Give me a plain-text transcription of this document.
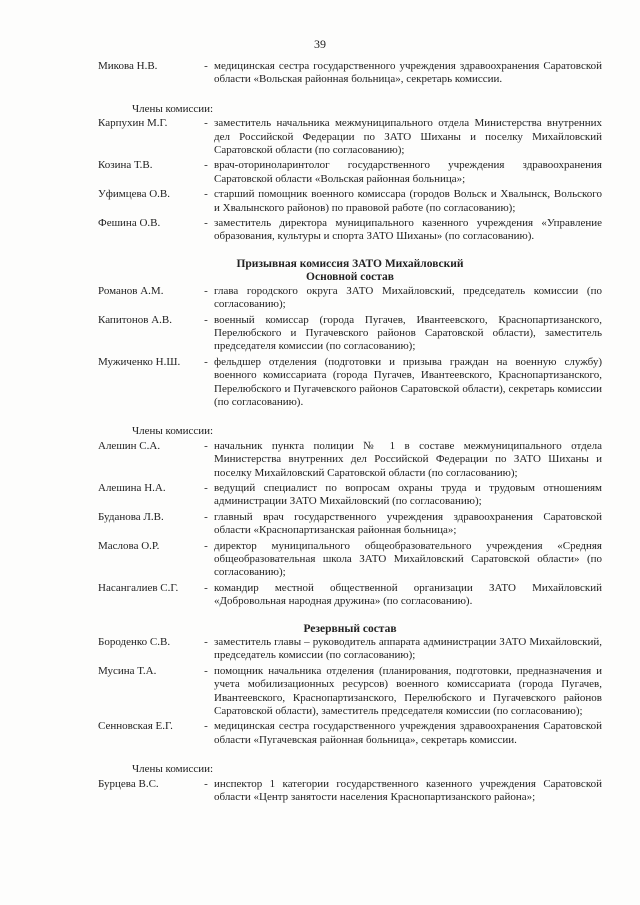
39
Микова Н.В.	- медицинская сестра государственного учреждения здравоохранения Саратовской области «Вольская районная больница», секретарь комиссии.
Члены комиссии:
Карпухин М.Г.	- заместитель начальника межмуниципального отдела Министерства внутренних дел Российской Федерации по ЗАТО Шиханы и поселку Михайловский Саратовской области (по согласованию);
Козина Т.В.	- врач-оториноларинтолог государственного учреждения здравоохранения Саратовской области «Вольская районная больница»;
Уфимцева О.В.	- старший помощник военного комиссара (городов Вольск и Хвалынск, Вольского и Хвалынского районов) по правовой работе (по согласованию);
Фешина О.В.	- заместитель директора муниципального казенного учреждения «Управление образования, культуры и спорта ЗАТО Шиханы» (по согласованию).
Призывная комиссия ЗАТО Михайловский
Основной состав
Романов А.М.	- глава городского округа ЗАТО Михайловский, председатель комиссии (по согласованию);
Капитонов А.В.	- военный комиссар (города Пугачев, Ивантеевского, Краснопартизанского, Перелюбского и Пугачевского районов Саратовской области), заместитель председателя комиссии (по согласованию);
Мужиченко Н.Ш.	- фельдшер отделения (подготовки и призыва граждан на военную службу) военного комиссариата (города Пугачев, Ивантеевского, Краснопартизанского, Перелюбского и Пугачевского районов Саратовской области), секретарь комиссии (по согласованию).
Члены комиссии:
Алешин С.А.	- начальник пункта полиции № 1 в составе межмуниципального отдела Министерства внутренних дел Российской Федерации по ЗАТО Шиханы и поселку Михайловский Саратовской области (по согласованию);
Алешина Н.А.	- ведущий специалист по вопросам охраны труда и трудовым отношениям администрации ЗАТО Михайловский (по согласованию);
Буданова Л.В.	- главный врач государственного учреждения здравоохранения Саратовской области «Краснопартизанская районная больница»;
Маслова О.Р.	- директор муниципального общеобразовательного учреждения «Средняя общеобразовательная школа ЗАТО Михайловский Саратовской области» (по согласованию);
Насангалиев С.Г.	- командир местной общественной организации ЗАТО Михайловский «Добровольная народная дружина» (по согласованию).
Резервный состав
Бороденко С.В.	- заместитель главы – руководитель аппарата администрации ЗАТО Михайловский, председатель комиссии (по согласованию);
Мусина Т.А.	- помощник начальника отделения (планирования, подготовки, предназначения и учета мобилизационных ресурсов) военного комиссариата (города Пугачев, Ивантеевского, Краснопартизанского, Перелюбского и Пугачевского районов Саратовской области), заместитель председателя комиссии (по согласованию);
Сенновская Е.Г.	- медицинская сестра государственного учреждения здравоохранения Саратовской области «Пугачевская районная больница», секретарь комиссии.
Члены комиссии:
Бурцева В.С.	- инспектор 1 категории государственного казенного учреждения Саратовской области «Центр занятости населения Краснопартизанского района»;
